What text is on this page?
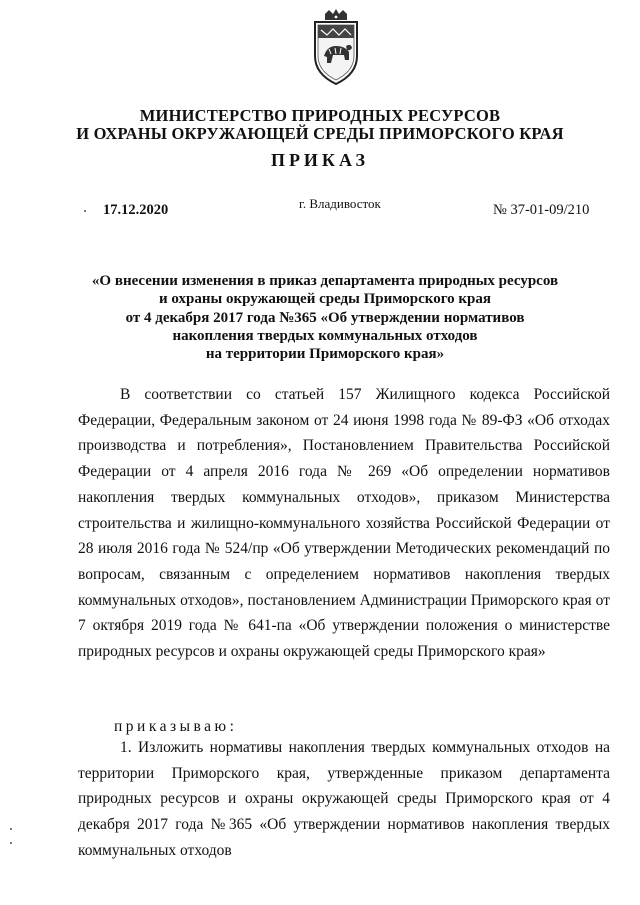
МИНИСТЕРСТВО ПРИРОДНЫХ РЕСУРСОВ
И ОХРАНЫ ОКРУЖАЮЩЕЙ СРЕДЫ ПРИМОРСКОГО КРАЯ
ПРИКАЗ
17.12.2020	г. Владивосток	№ 37-01-09/210
«О внесении изменения в приказ департамента природных ресурсов
и охраны окружающей среды Приморского края
от 4 декабря 2017 года №365 «Об утверждении нормативов
накопления твердых коммунальных отходов
на территории Приморского края»
В соответствии со статьей 157 Жилищного кодекса Российской Федерации, Федеральным законом от 24 июня 1998 года № 89-ФЗ «Об отходах производства и потребления», Постановлением Правительства Российской Федерации от 4 апреля 2016 года № 269 «Об определении нормативов накопления твердых коммунальных отходов», приказом Министерства строительства и жилищно-коммунального хозяйства Российской Федерации от 28 июля 2016 года № 524/пр «Об утверждении Методических рекомендаций по вопросам, связанным с определением нормативов накопления твердых коммунальных отходов», постановлением Администрации Приморского края от 7 октября 2019 года № 641-па «Об утверждении положения о министерстве природных ресурсов и охраны окружающей среды Приморского края»
приказываю:
1. Изложить нормативы накопления твердых коммунальных отходов на территории Приморского края, утвержденные приказом департамента природных ресурсов и охраны окружающей среды Приморского края от 4 декабря 2017 года №365 «Об утверждении нормативов накопления твердых коммунальных отходов
